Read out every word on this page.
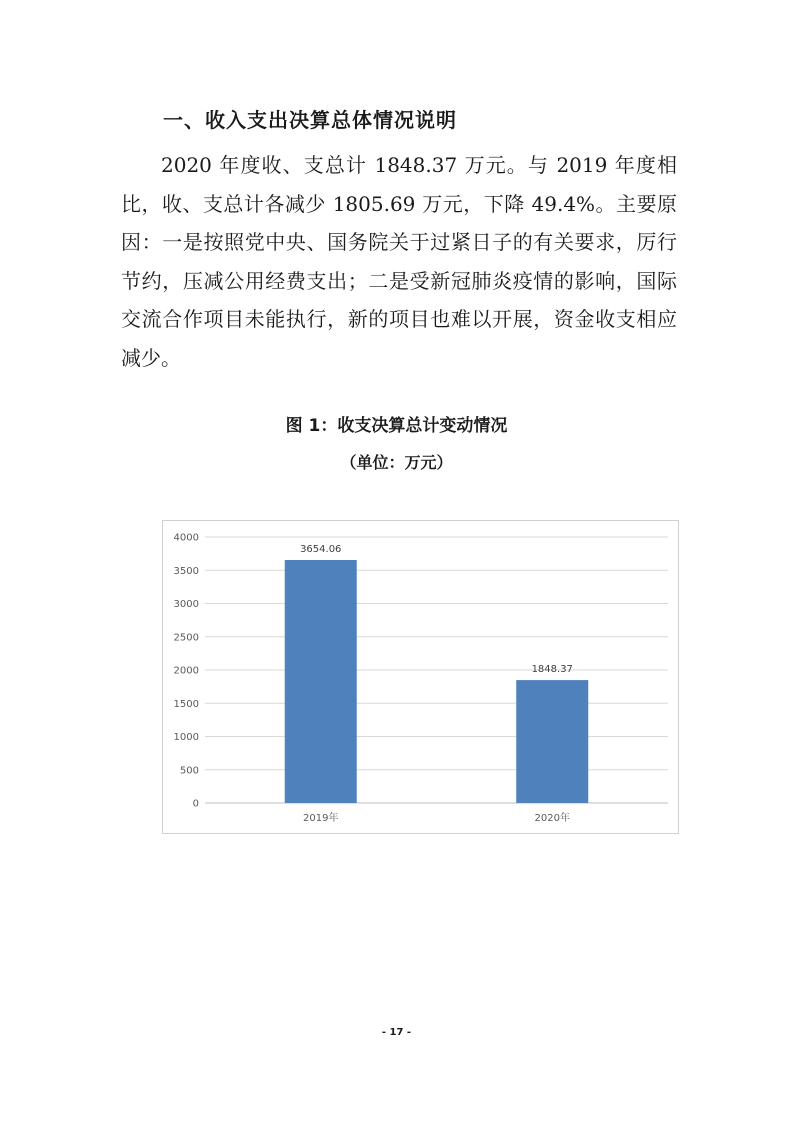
一、收入支出决算总体情况说明

2020 年度收、支总计 1848.37 万元。与 2019 年度相比，收、支总计各减少 1805.69 万元，下降 49.4%。主要原因：一是按照党中央、国务院关于过紧日子的有关要求，厉行节约，压减公用经费支出；二是受新冠肺炎疫情的影响，国际交流合作项目未能执行，新的项目也难以开展，资金收支相应减少。

图 1：收支决算总计变动情况
（单位：万元）
0
500
1000
1500
2000
2500
3000
3500
4000
3654.06
2019年
1848.37
2020年
- 17 -
